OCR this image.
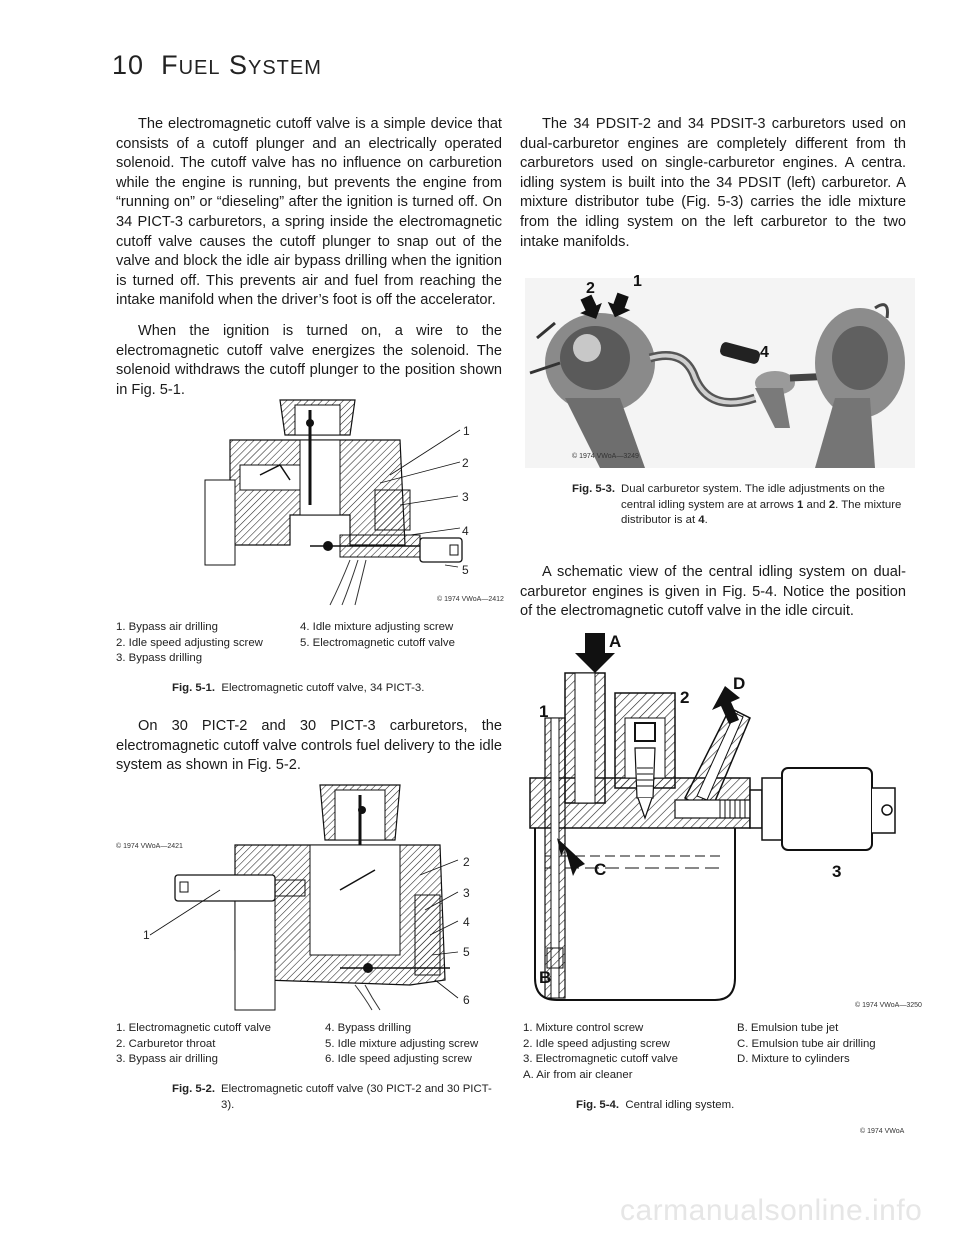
10 FUEL SYSTEM

The electromagnetic cutoff valve is a simple device that consists of a cutoff plunger and an electrically operated solenoid. The cutoff valve has no influence on carburetion while the engine is running, but prevents the engine from “running on” or “dieseling” after the ignition is turned off. On 34 PICT-3 carburetors, a spring inside the electromagnetic cutoff valve causes the cutoff plunger to snap out of the valve and block the idle air bypass drilling when the ignition is turned off. This prevents air and fuel from reaching the intake manifold when the driver’s foot is off the accelerator.

When the ignition is turned on, a wire to the electromagnetic cutoff valve energizes the solenoid. The solenoid withdraws the cutoff plunger to the position shown in Fig. 5-1.

1
2
3
4
5
© 1974 VWoA—2412
1. Bypass air drilling
2. Idle speed adjusting screw
3. Bypass drilling
4. Idle mixture adjusting screw
5. Electromagnetic cutoff valve
Fig. 5-1. Electromagnetic cutoff valve, 34 PICT-3.

On 30 PICT-2 and 30 PICT-3 carburetors, the electromagnetic cutoff valve controls fuel delivery to the idle system as shown in Fig. 5-2.

© 1974 VWoA—2421
1
2
3
4
5
6
1. Electromagnetic cutoff valve
2. Carburetor throat
3. Bypass air drilling
4. Bypass drilling
5. Idle mixture adjusting screw
6. Idle speed adjusting screw
Fig. 5-2. Electromagnetic cutoff valve (30 PICT-2 and 30 PICT-3).

The 34 PDSIT-2 and 34 PDSIT-3 carburetors used on dual-carburetor engines are completely different from th carburetors used on single-carburetor engines. A centra. idling system is built into the 34 PDSIT (left) carburetor. A mixture distributor tube (Fig. 5-3) carries the idle mixture from the idling system on the left carburetor to the two intake manifolds.

2 1
4
© 1974 VWoA—3249
Fig. 5-3. Dual carburetor system. The idle adjustments on the central idling system are at arrows 1 and 2. The mixture distributor is at 4.

A schematic view of the central idling system on dual-carburetor engines is given in Fig. 5-4. Notice the position of the electromagnetic cutoff valve in the idle circuit.

A
D
1
2
C	3
B
© 1974 VWoA—3250
1. Mixture control screw
2. Idle speed adjusting screw
3. Electromagnetic cutoff valve
A. Air from air cleaner
B. Emulsion tube jet
C. Emulsion tube air drilling
D. Mixture to cylinders
Fig. 5-4. Central idling system.
© 1974 VWoA
carmanualsonline.info
